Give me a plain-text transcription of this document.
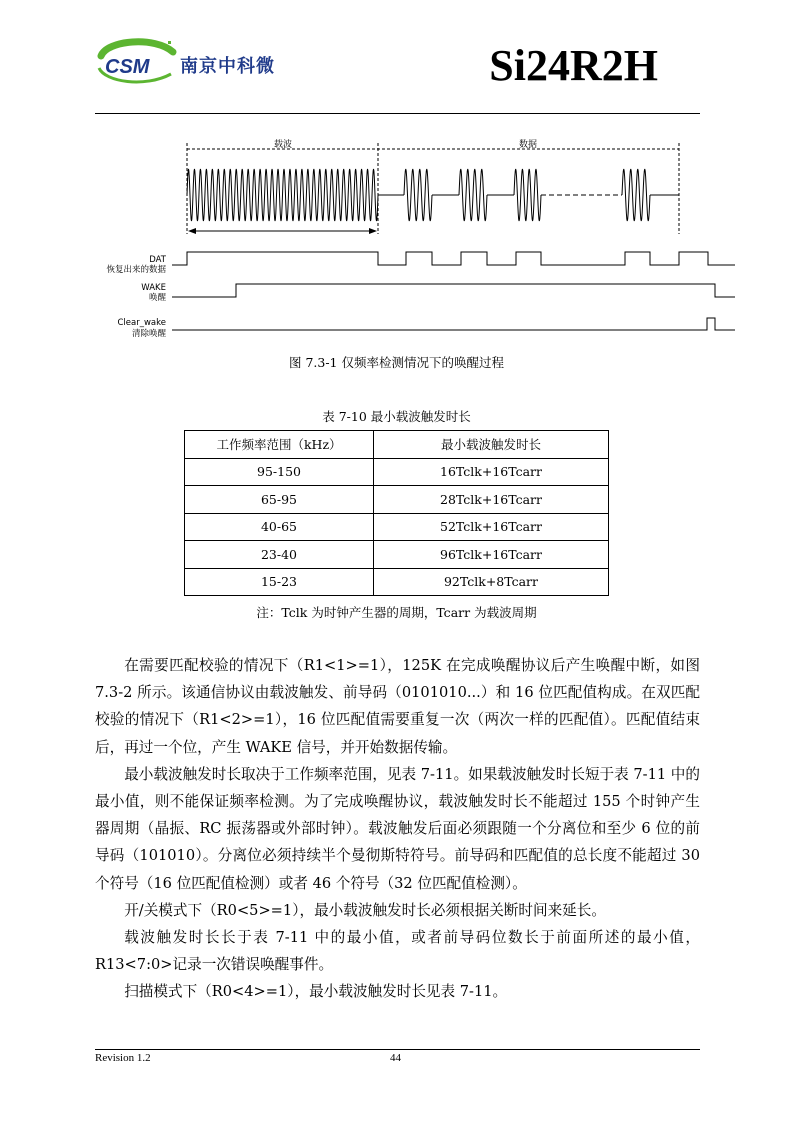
CSM 南京中科微	Si24R2H
载波	数据
DAT
恢复出来的数据
WAKE
唤醒
Clear_wake
清除唤醒
图 7.3-1 仅频率检测情况下的唤醒过程
表 7-10 最小载波触发时长
工作频率范围（kHz）	最小载波触发时长
95-150	16Tclk+16Tcarr
65-95	28Tclk+16Tcarr
40-65	52Tclk+16Tcarr
23-40	96Tclk+16Tcarr
15-23	92Tclk+8Tcarr
注：Tclk 为时钟产生器的周期，Tcarr 为载波周期

在需要匹配校验的情况下（R1<1>=1），125K 在完成唤醒协议后产生唤醒中断，如图 7.3-2 所示。该通信协议由载波触发、前导码（0101010...）和 16 位匹配值构成。在双匹配校验的情况下（R1<2>=1），16 位匹配值需要重复一次（两次一样的匹配值）。匹配值结束后，再过一个位，产生 WAKE 信号，并开始数据传输。

最小载波触发时长取决于工作频率范围，见表 7-11。如果载波触发时长短于表 7-11 中的最小值，则不能保证频率检测。为了完成唤醒协议，载波触发时长不能超过 155 个时钟产生器周期（晶振、RC 振荡器或外部时钟）。载波触发后面必须跟随一个分离位和至少 6 位的前导码（101010）。分离位必须持续半个曼彻斯特符号。前导码和匹配值的总长度不能超过 30 个符号（16 位匹配值检测）或者 46 个符号（32 位匹配值检测）。

开/关模式下（R0<5>=1），最小载波触发时长必须根据关断时间来延长。

载波触发时长长于表 7-11 中的最小值，或者前导码位数长于前面所述的最小值，R13<7:0>记录一次错误唤醒事件。

扫描模式下（R0<4>=1），最小载波触发时长见表 7-11。

Revision 1.2	44
